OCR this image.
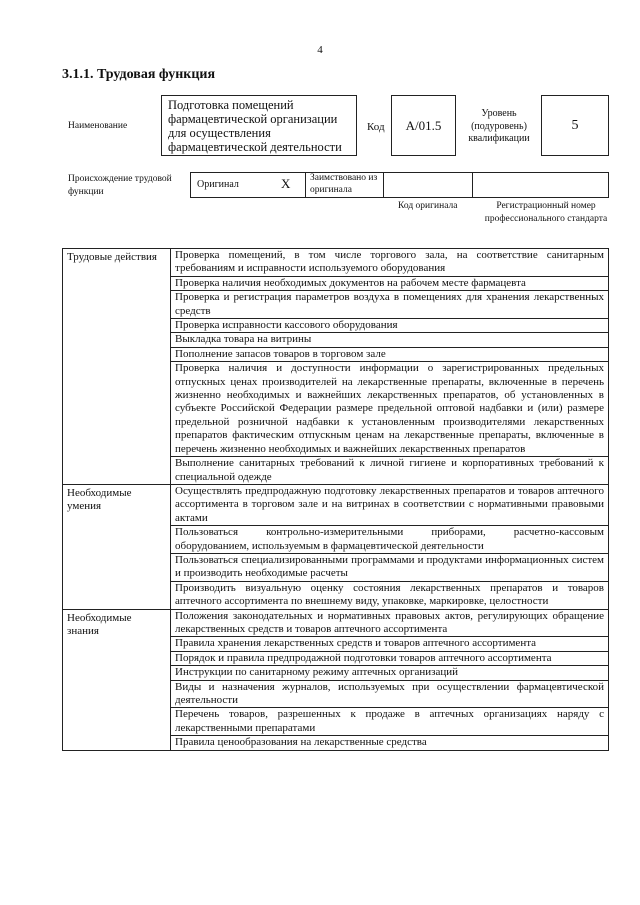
4
3.1.1. Трудовая функция
Наименование
Подготовка помещений фармацевтической организации для осуществления фармацевтической деятельности
Код	A/01.5
Уровень (подуровень) квалификации
5
Происхождение трудовой функции
Оригинал	X Заимствовано из оригинала
Код оригинала	Регистрационный номер профессионального стандарта
Трудовые действия	Проверка помещений, в том числе торгового зала, на соответствие санитарным требованиям и исправности используемого оборудования
	Проверка наличия необходимых документов на рабочем месте фармацевта
	Проверка и регистрация параметров воздуха в помещениях для хранения лекарственных средств
	Проверка исправности кассового оборудования
	Выкладка товара на витрины
	Пополнение запасов товаров в торговом зале
	Проверка наличия и доступности информации о зарегистрированных предельных отпускных ценах производителей на лекарственные препараты, включенные в перечень жизненно необходимых и важнейших лекарственных препаратов, об установленных в субъекте Российской Федерации размере предельной оптовой надбавки и (или) размере предельной розничной надбавки к установленным производителями лекарственных препаратов фактическим отпускным ценам на лекарственные препараты, включенные в перечень жизненно необходимых и важнейших лекарственных препаратов
	Выполнение санитарных требований к личной гигиене и корпоративных требований к специальной одежде
Необходимые умения	Осуществлять предпродажную подготовку лекарственных препаратов и товаров аптечного ассортимента в торговом зале и на витринах в соответствии с нормативными правовыми актами
	Пользоваться контрольно-измерительными приборами, расчетно-кассовым оборудованием, используемым в фармацевтической деятельности
	Пользоваться специализированными программами и продуктами информационных систем и производить необходимые расчеты
	Производить визуальную оценку состояния лекарственных препаратов и товаров аптечного ассортимента по внешнему виду, упаковке, маркировке, целостности
Необходимые знания	Положения законодательных и нормативных правовых актов, регулирующих обращение лекарственных средств и товаров аптечного ассортимента
	Правила хранения лекарственных средств и товаров аптечного ассортимента
	Порядок и правила предпродажной подготовки товаров аптечного ассортимента
	Инструкции по санитарному режиму аптечных организаций
	Виды и назначения журналов, используемых при осуществлении фармацевтической деятельности
	Перечень товаров, разрешенных к продаже в аптечных организациях наряду с лекарственными препаратами
	Правила ценообразования на лекарственные средства
